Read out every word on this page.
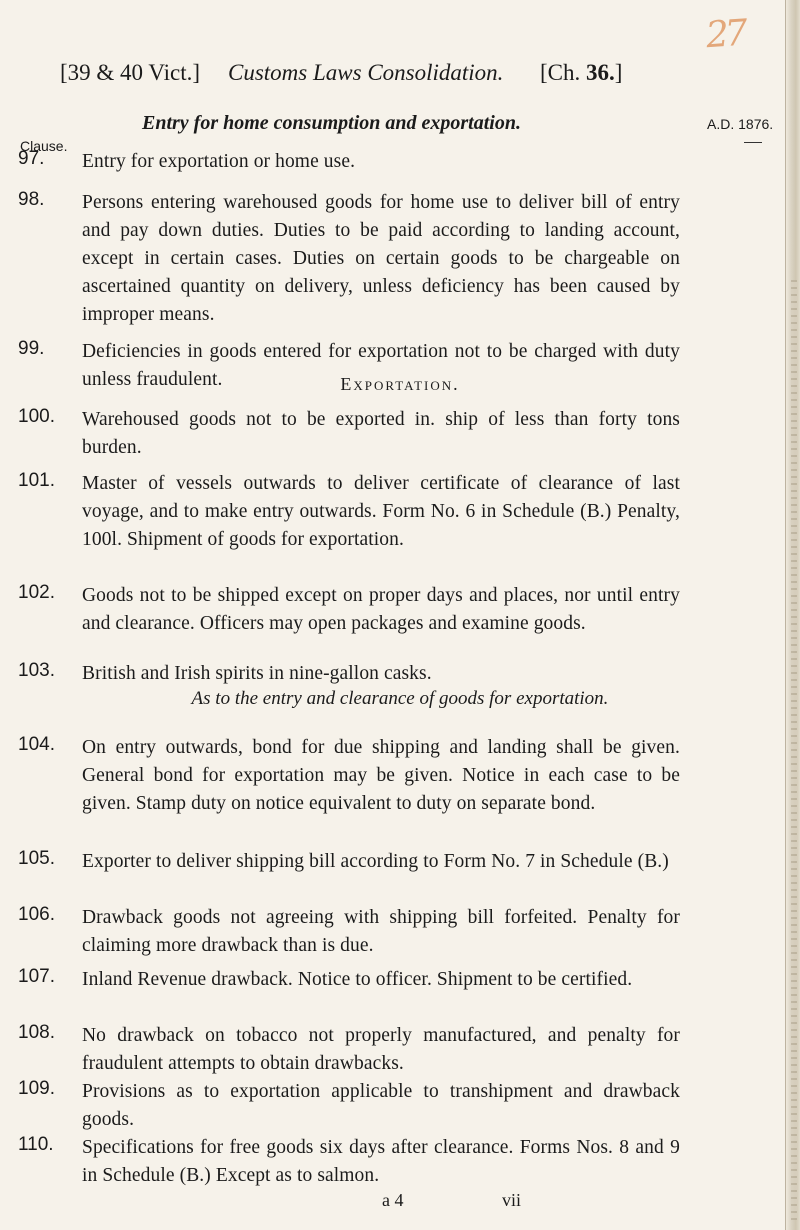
27
[39 & 40 Vict.] Customs Laws Consolidation. [Ch. 36.]
Entry for home consumption and exportation.	A.D. 1876.
Clause.
97. Entry for exportation or home use.
98. Persons entering warehoused goods for home use to deliver bill of entry and pay down duties. Duties to be paid according to landing account, except in certain cases. Duties on certain goods to be chargeable on ascertained quantity on delivery, unless deficiency has been caused by improper means.
99. Deficiencies in goods entered for exportation not to be charged with duty unless fraudulent.	Exportation.
100. Warehoused goods not to be exported in. ship of less than forty tons burden.
101. Master of vessels outwards to deliver certificate of clearance of last voyage, and to make entry outwards. Form No. 6 in Schedule (B.) Penalty, 100l. Shipment of goods for exportation.
102. Goods not to be shipped except on proper days and places, nor until entry and clearance. Officers may open packages and examine goods.
103. British and Irish spirits in nine-gallon casks.
As to the entry and clearance of goods for exportation.
104. On entry outwards, bond for due shipping and landing shall be given. General bond for exportation may be given. Notice in each case to be given. Stamp duty on notice equivalent to duty on separate bond.
105. Exporter to deliver shipping bill according to Form No. 7 in Schedule (B.)
106. Drawback goods not agreeing with shipping bill forfeited. Penalty for claiming more drawback than is due.
107. Inland Revenue drawback. Notice to officer. Shipment to be certified.
108. No drawback on tobacco not properly manufactured, and penalty for fraudulent attempts to obtain drawbacks.
109. Provisions as to exportation applicable to transhipment and drawback goods.
110. Specifications for free goods six days after clearance. Forms Nos. 8 and 9 in Schedule (B.) Except as to salmon.
a 4	vii
